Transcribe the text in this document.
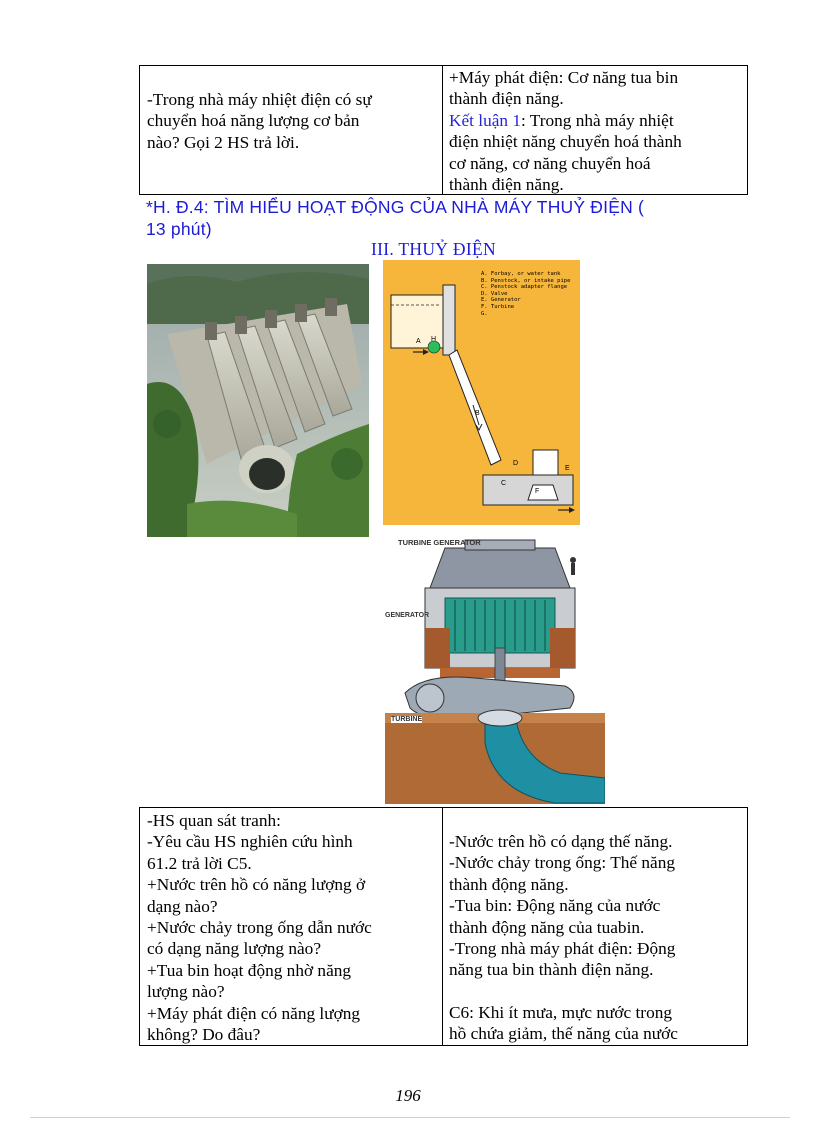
-Trong nhà máy nhiệt điện có sự
chuyển hoá năng lượng cơ bản
nào? Gọi 2 HS trả lời.
+Máy phát điện: Cơ năng tua bin
thành điện năng.
Kết luận 1: Trong nhà máy nhiệt
điện nhiệt năng chuyển hoá thành
cơ năng, cơ năng chuyển hoá
thành điện năng.
*H. Đ.4: TÌM HIỂU HOẠT ĐỘNG CỦA NHÀ MÁY THUỶ ĐIỆN (
13 phút)
III. THUỶ ĐIỆN
A. Forbay, or water tank
B. Penstock, or intake pipe
C. Penstock adapter flange
D. Valve
E. Generator
F. Turbine
G.
A H
B
D
E
C
F
TURBINE GENERATOR
GENERATOR
TURBINE
-HS quan sát tranh:
-Yêu cầu HS nghiên cứu hình
61.2 trả lời C5.
+Nước trên hồ có năng lượng ở
dạng nào?
+Nước chảy trong ống dẫn nước
có dạng năng lượng nào?
+Tua bin hoạt động nhờ năng
lượng nào?
+Máy phát điện có năng lượng
không? Do đâu?
-Nước trên hồ có dạng thế năng.
-Nước chảy trong ống: Thế năng
thành động năng.
-Tua bin: Động năng của nước
thành động năng của tuabin.
-Trong nhà máy phát điện: Động
năng tua bin thành điện năng.
C6: Khi ít mưa, mực nước trong
hồ chứa giảm, thế năng của nước
196
